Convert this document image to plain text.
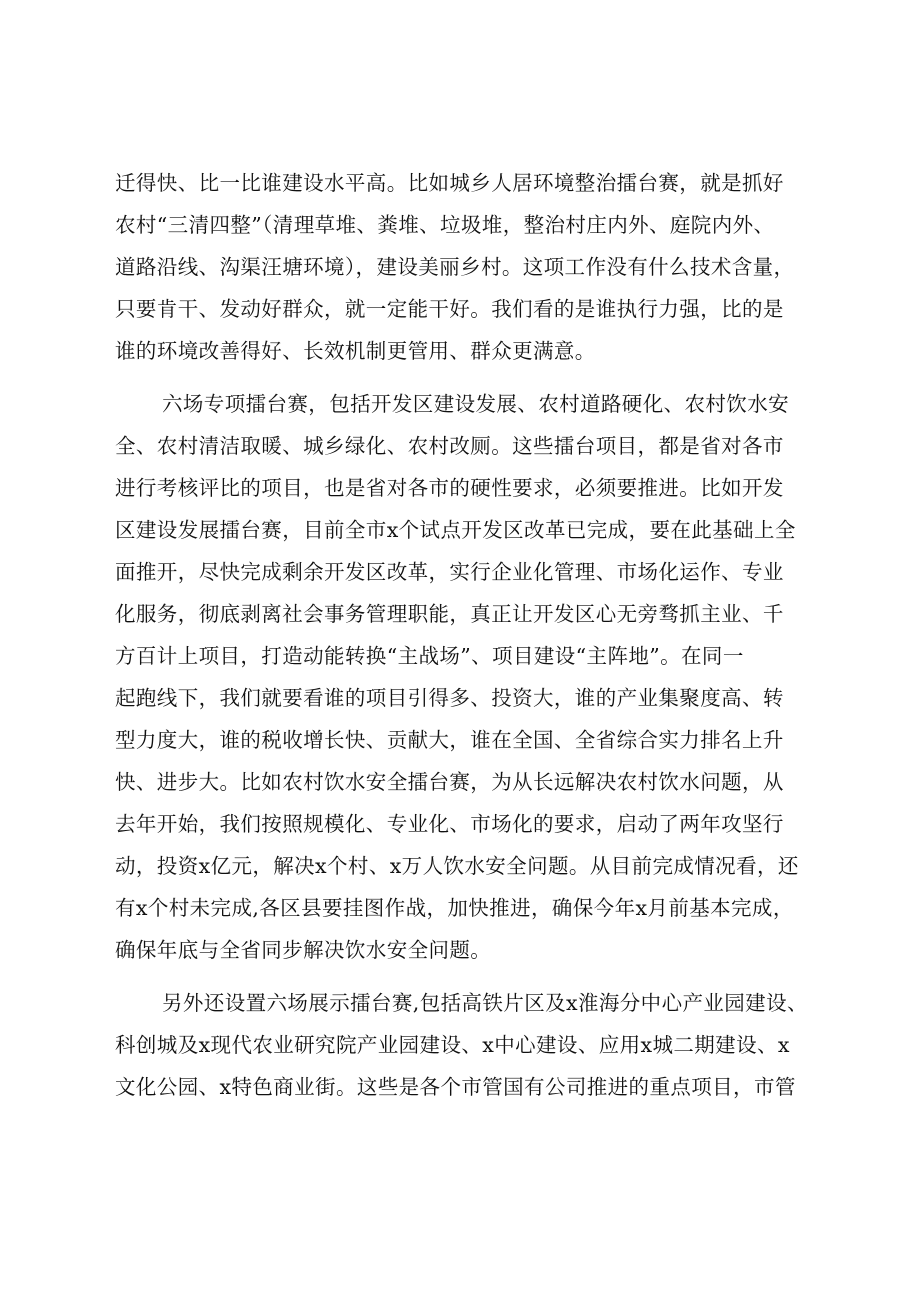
迁得快、比一比谁建设水平高。比如城乡人居环境整治擂台赛，就是抓好
农村“三清四整”（清理草堆、粪堆、垃圾堆，整治村庄内外、庭院内外、
道路沿线、沟渠汪塘环境），建设美丽乡村。这项工作没有什么技术含量，
只要肯干、发动好群众，就一定能干好。我们看的是谁执行力强，比的是
谁的环境改善得好、长效机制更管用、群众更满意。
六场专项擂台赛，包括开发区建设发展、农村道路硬化、农村饮水安
全、农村清洁取暖、城乡绿化、农村改厕。这些擂台项目，都是省对各市
进行考核评比的项目，也是省对各市的硬性要求，必须要推进。比如开发
区建设发展擂台赛，目前全市x个试点开发区改革已完成，要在此基础上全
面推开，尽快完成剩余开发区改革，实行企业化管理、市场化运作、专业
化服务，彻底剥离社会事务管理职能，真正让开发区心无旁骛抓主业、千
方百计上项目，打造动能转换“主战场”、项目建设“主阵地”。在同一
起跑线下，我们就要看谁的项目引得多、投资大，谁的产业集聚度高、转
型力度大，谁的税收增长快、贡献大，谁在全国、全省综合实力排名上升
快、进步大。比如农村饮水安全擂台赛，为从长远解决农村饮水问题，从
去年开始，我们按照规模化、专业化、市场化的要求，启动了两年攻坚行
动，投资x亿元，解决x个村、x万人饮水安全问题。从目前完成情况看，还
有x个村未完成,各区县要挂图作战，加快推进，确保今年x月前基本完成，
确保年底与全省同步解决饮水安全问题。
另外还设置六场展示擂台赛,包括高铁片区及x淮海分中心产业园建设、
科创城及x现代农业研究院产业园建设、x中心建设、应用x城二期建设、x
文化公园、x特色商业街。这些是各个市管国有公司推进的重点项目，市管
